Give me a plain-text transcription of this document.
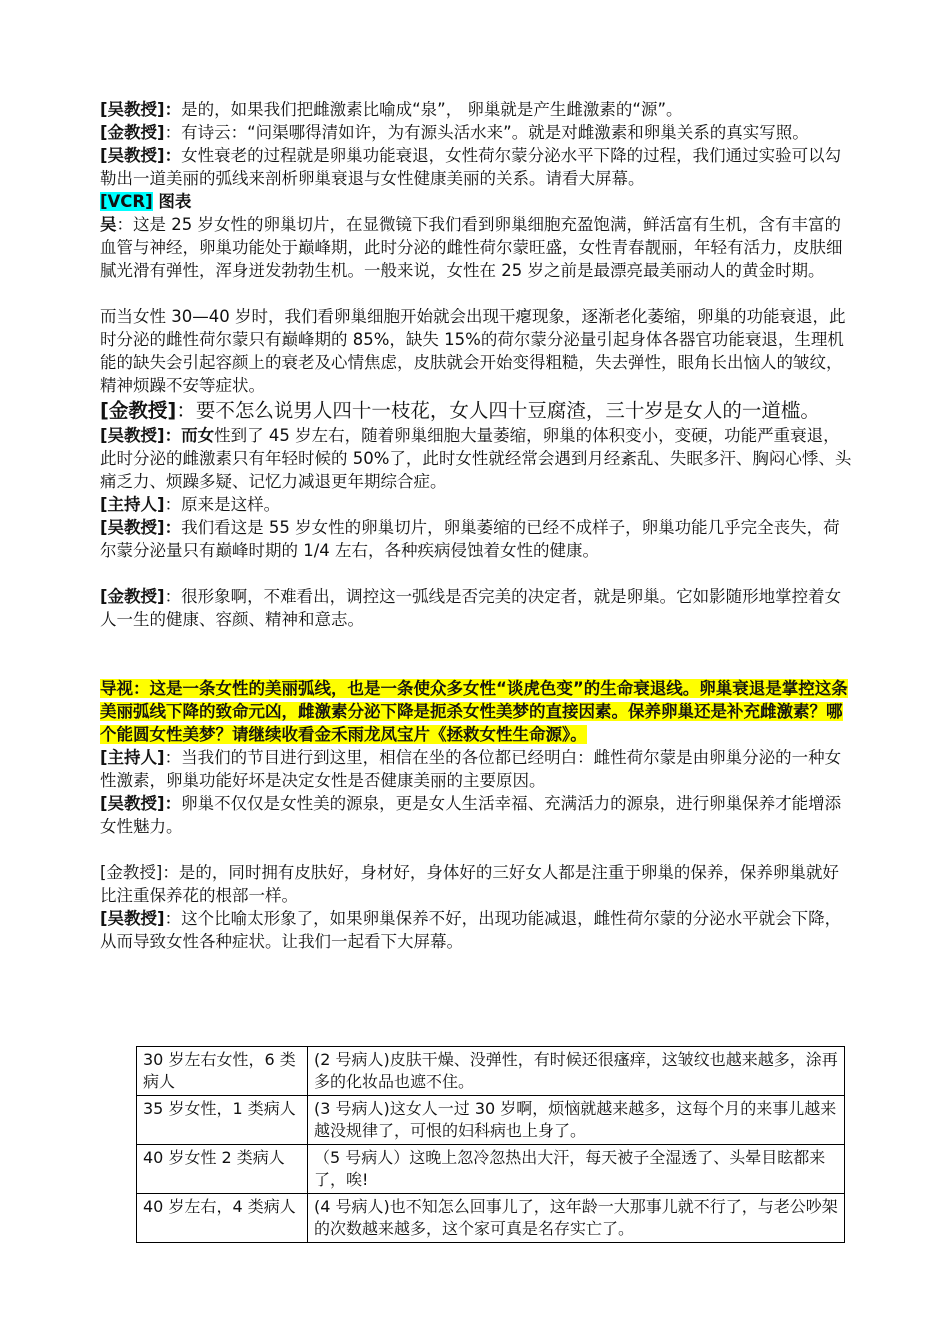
[吴教授]：是的，如果我们把雌激素比喻成“泉”， 卵巢就是产生雌激素的“源”。

[金教授]：有诗云：“问渠哪得清如许，为有源头活水来”。就是对雌激素和卵巢关系的真实写照。

[吴教授]：女性衰老的过程就是卵巢功能衰退，女性荷尔蒙分泌水平下降的过程，我们通过实验可以勾勒出一道美丽的弧线来剖析卵巢衰退与女性健康美丽的关系。请看大屏幕。

[VCR] 图表

吴：这是 25 岁女性的卵巢切片，在显微镜下我们看到卵巢细胞充盈饱满，鲜活富有生机，含有丰富的血管与神经，卵巢功能处于巅峰期，此时分泌的雌性荷尔蒙旺盛，女性青春靓丽，年轻有活力，皮肤细腻光滑有弹性，浑身迸发勃勃生机。一般来说，女性在 25 岁之前是最漂亮最美丽动人的黄金时期。

而当女性 30—40 岁时，我们看卵巢细胞开始就会出现干瘪现象，逐渐老化萎缩，卵巢的功能衰退，此时分泌的雌性荷尔蒙只有巅峰期的 85%，缺失 15%的荷尔蒙分泌量引起身体各器官功能衰退，生理机能的缺失会引起容颜上的衰老及心情焦虑，皮肤就会开始变得粗糙，失去弹性，眼角长出恼人的皱纹，精神烦躁不安等症状。

[金教授]：要不怎么说男人四十一枝花，女人四十豆腐渣，三十岁是女人的一道槛。

[吴教授]：而女性到了 45 岁左右，随着卵巢细胞大量萎缩，卵巢的体积变小，变硬，功能严重衰退，此时分泌的雌激素只有年轻时候的 50%了，此时女性就经常会遇到月经紊乱、失眠多汗、胸闷心悸、头痛乏力、烦躁多疑、记忆力减退更年期综合症。

[主持人]：原来是这样。

[吴教授]：我们看这是 55 岁女性的卵巢切片，卵巢萎缩的已经不成样子，卵巢功能几乎完全丧失，荷尔蒙分泌量只有巅峰时期的 1/4 左右，各种疾病侵蚀着女性的健康。

[金教授]：很形象啊，不难看出，调控这一弧线是否完美的决定者，就是卵巢。它如影随形地掌控着女人一生的健康、容颜、精神和意志。

导视：这是一条女性的美丽弧线，也是一条使众多女性“谈虎色变”的生命衰退线。卵巢衰退是掌控这条美丽弧线下降的致命元凶，雌激素分泌下降是扼杀女性美梦的直接因素。保养卵巢还是补充雌激素？哪个能圆女性美梦？请继续收看金禾雨龙凤宝片《拯救女性生命源》。

[主持人]：当我们的节目进行到这里，相信在坐的各位都已经明白：雌性荷尔蒙是由卵巢分泌的一种女性激素，卵巢功能好坏是决定女性是否健康美丽的主要原因。

[吴教授]：卵巢不仅仅是女性美的源泉，更是女人生活幸福、充满活力的源泉，进行卵巢保养才能增添女性魅力。

[金教授]：是的，同时拥有皮肤好，身材好，身体好的三好女人都是注重于卵巢的保养，保养卵巢就好比注重保养花的根部一样。

[吴教授]：这个比喻太形象了，如果卵巢保养不好，出现功能减退，雌性荷尔蒙的分泌水平就会下降，从而导致女性各种症状。让我们一起看下大屏幕。

30 岁左右女性，6 类病人	(2 号病人)皮肤干燥、没弹性，有时候还很瘙痒，这皱纹也越来越多，涂再多的化妆品也遮不住。
35 岁女性，1 类病人	(3 号病人)这女人一过 30 岁啊，烦恼就越来越多，这每个月的来事儿越来越没规律了，可恨的妇科病也上身了。
40 岁女性 2 类病人	（5 号病人）这晚上忽冷忽热出大汗，每天被子全湿透了、头晕目眩都来了，唉!
40 岁左右，4 类病人	(4 号病人)也不知怎么回事儿了，这年龄一大那事儿就不行了，与老公吵架的次数越来越多，这个家可真是名存实亡了。
